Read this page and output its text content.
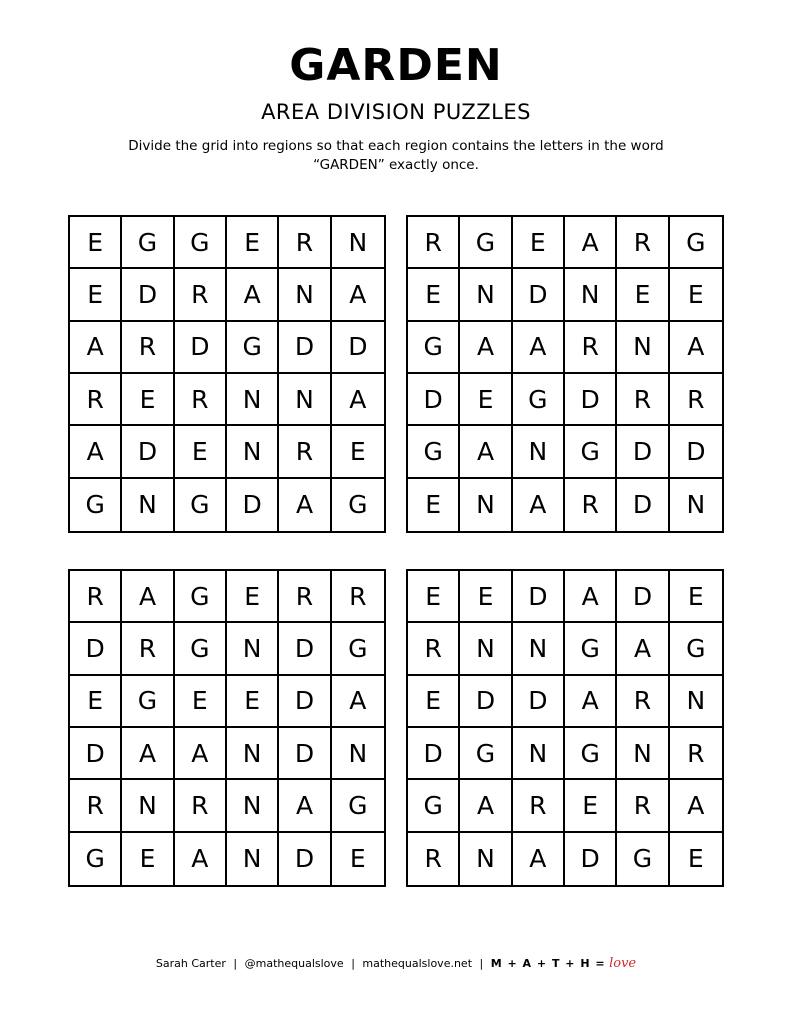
GARDEN
AREA DIVISION PUZZLES
Divide the grid into regions so that each region contains the letters in the word “GARDEN” exactly once.
E	G	G	E	R	N
E	D	R	A	N	A
A	R	D	G	D	D
R	E	R	N	N	A
A	D	E	N	R	E
G	N	G	D	A	G
R	G	E	A	R	G
E	N	D	N	E	E
G	A	A	R	N	A
D	E	G	D	R	R
G	A	N	G	D	D
E	N	A	R	D	N
R	A	G	E	R	R
D	R	G	N	D	G
E	G	E	E	D	A
D	A	A	N	D	N
R	N	R	N	A	G
G	E	A	N	D	E
E	E	D	A	D	E
R	N	N	G	A	G
E	D	D	A	R	N
D	G	N	G	N	R
G	A	R	E	R	A
R	N	A	D	G	E
Sarah Carter | @mathequalslove | mathequalslove.net | M + A + T + H = love
